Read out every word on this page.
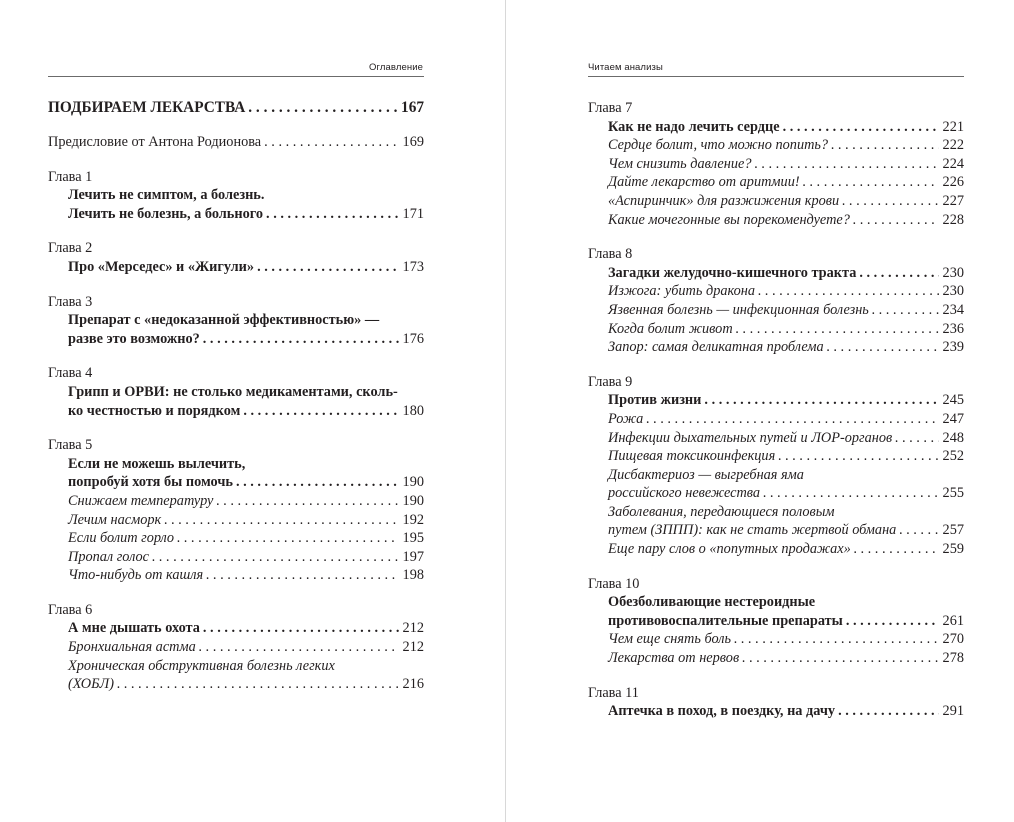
Оглавление
ПОДБИРАЕМ ЛЕКАРСТВА . . .	167
Предисловие от Антона Родионова . . .	169
Глава 1
Лечить не симптом, а болезнь.
Лечить не болезнь, а больного . . .	171
Глава 2
Про «Мерседес» и «Жигули» . . .	173
Глава 3
Препарат с «недоказанной эффективностью» —
разве это возможно? . . .	176
Глава 4
Грипп и ОРВИ: не столько медикаментами, сколь-
ко честностью и порядком . . .	180
Глава 5
Если не можешь вылечить,
попробуй хотя бы помочь . . .	190
Снижаем температуру . . .	190
Лечим насморк . . .	192
Если болит горло . . .	195
Пропал голос . . .	197
Что-нибудь от кашля . . .	198
Глава 6
А мне дышать охота . . .	212
Бронхиальная астма . . .	212
Хроническая обструктивная болезнь легких
(ХОБЛ) . . .	216
Читаем анализы
Глава 7
Как не надо лечить сердце . . .	221
Сердце болит, что можно попить? . . .	222
Чем снизить давление? . . .	224
Дайте лекарство от аритмии! . . .	226
«Аспиринчик» для разжижения крови . . .	227
Какие мочегонные вы порекомендуете? . . .	228
Глава 8
Загадки желудочно-кишечного тракта . . .	230
Изжога: убить дракона . . .	230
Язвенная болезнь — инфекционная болезнь . . .	234
Когда болит живот . . .	236
Запор: самая деликатная проблема . . .	239
Глава 9
Против жизни . . .	245
Рожа . . .	247
Инфекции дыхательных путей и ЛОР-органов . . .	248
Пищевая токсикоинфекция . . .	252
Дисбактериоз — выгребная яма
российского невежества . . .	255
Заболевания, передающиеся половым
путем (ЗППП): как не стать жертвой обмана . . .	257
Еще пару слов о «попутных продажах» . . .	259
Глава 10
Обезболивающие нестероидные
противовоспалительные препараты . . .	261
Чем еще снять боль . . .	270
Лекарства от нервов . . .	278
Глава 11
Аптечка в поход, в поездку, на дачу . . .	291
